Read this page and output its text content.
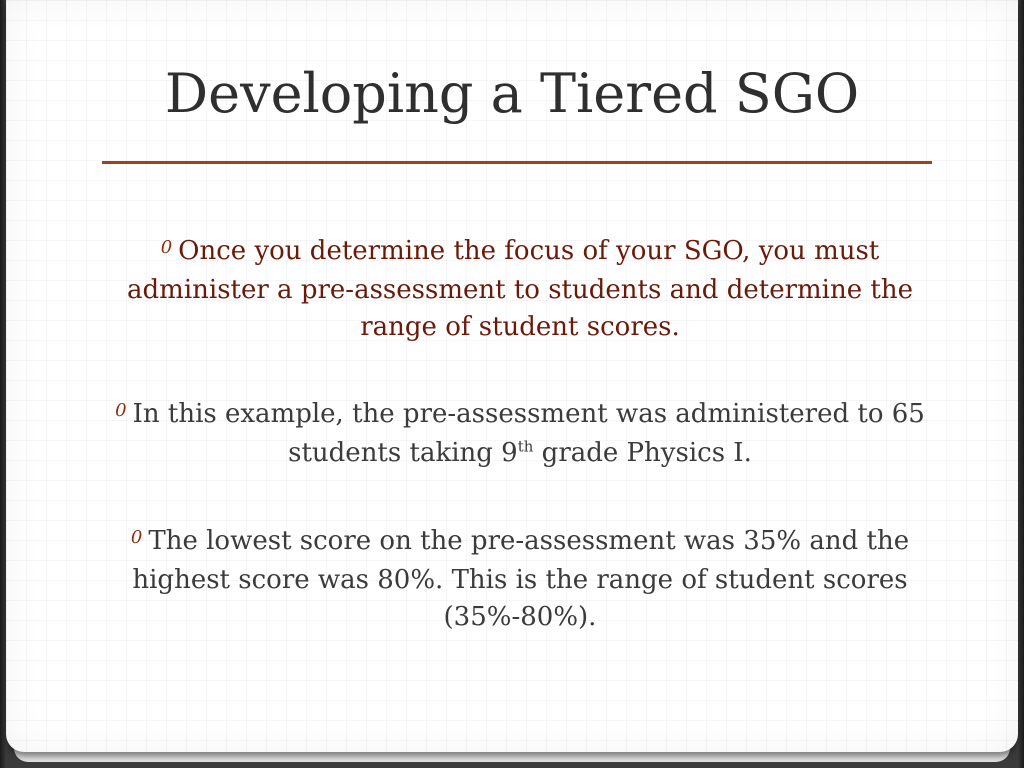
Developing a Tiered SGO
$^0$ Once you determine the focus of your SGO, you must administer a pre-assessment to students and determine the range of student scores.
$^0$ In this example, the pre-assessment was administered to 65 students taking 9th grade Physics I.
$^0$ The lowest score on the pre-assessment was 35% and the highest score was 80%. This is the range of student scores (35%-80%).
